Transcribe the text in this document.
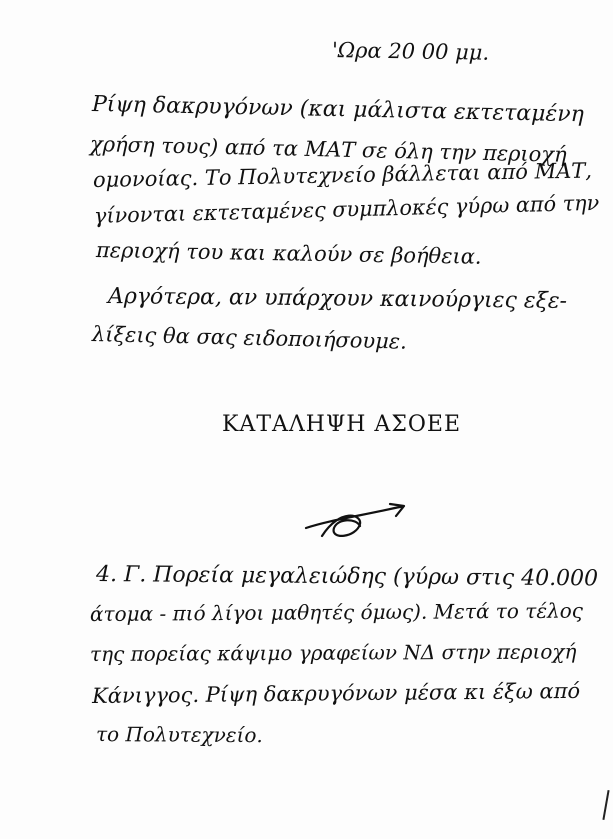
'Ωρα 20 00 μμ.
Ρίψη δακρυγόνων (και μάλιστα εκτεταμένη
χρήση τους) από τα ΜΑΤ σε όλη την περιοχή
ομονοίας. Το Πολυτεχνείο βάλλεται από ΜΑΤ,
γίνονται εκτεταμένες συμπλοκές γύρω από την
περιοχή του και καλούν σε βοήθεια.
Αργότερα, αν υπάρχουν καινούργιες εξε-
λίξεις θα σας ειδοποιήσουμε.
ΚΑΤΑΛΗΨΗ ΑΣΟΕΕ
4. Γ. Πορεία μεγαλειώδης (γύρω στις 40.000
άτομα - πιό λίγοι μαθητές όμως). Μετά το τέλος
της πορείας κάψιμο γραφείων ΝΔ στην περιοχή
Κάνιγγος. Ρίψη δακρυγόνων μέσα κι έξω από
το Πολυτεχνείο.
